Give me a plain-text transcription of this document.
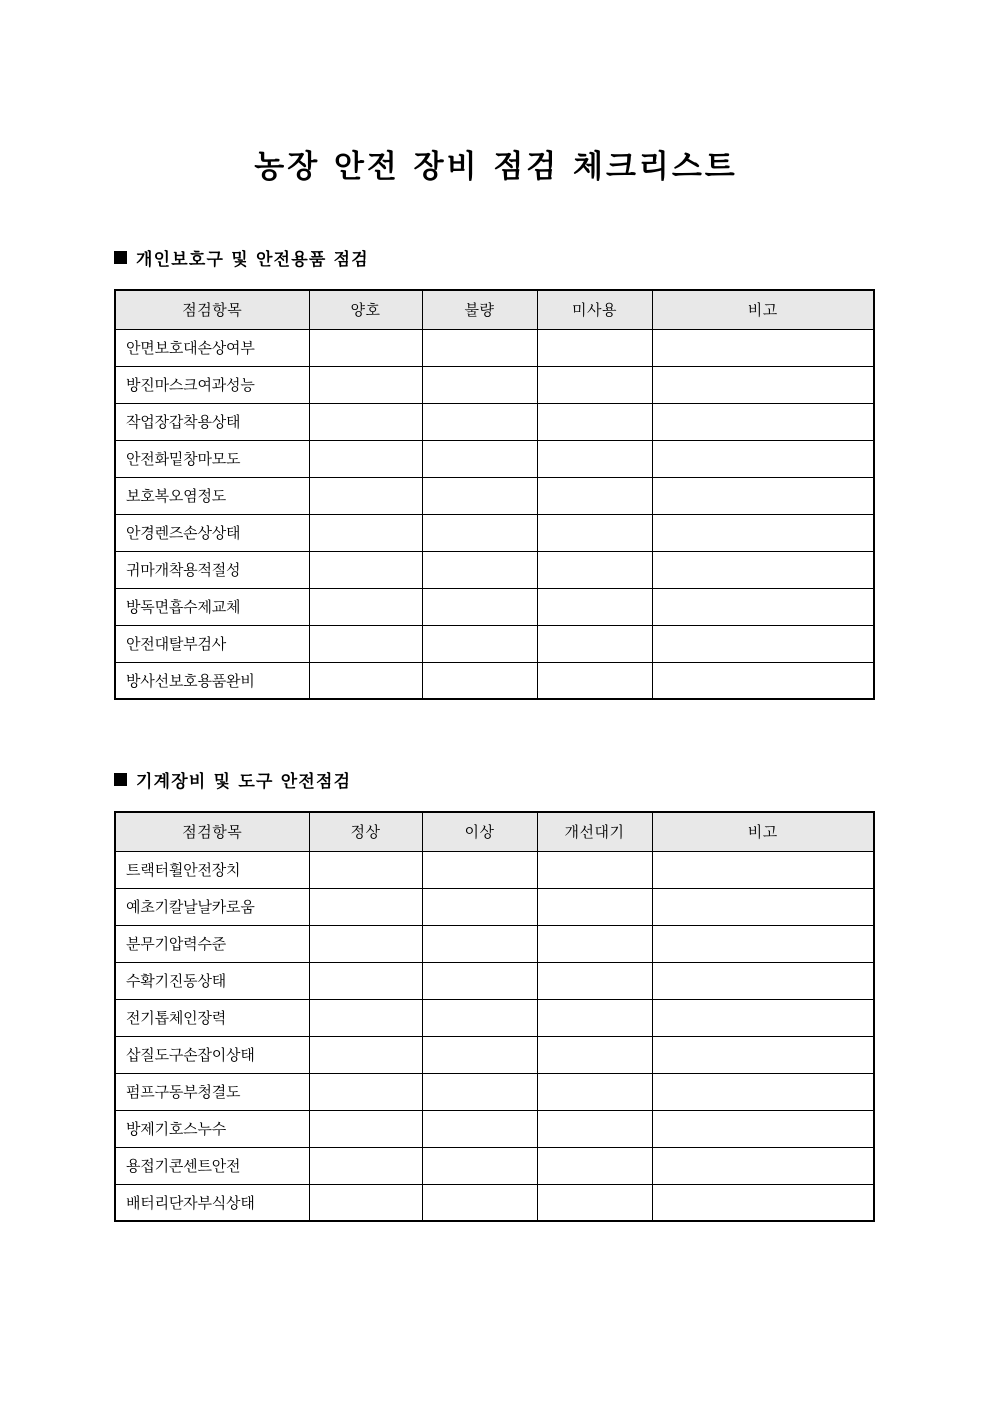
농장 안전 장비 점검 체크리스트
개인보호구 및 안전용품 점검
점검항목	양호	불량	미사용	비고
안면보호대손상여부				
방진마스크여과성능				
작업장갑착용상태				
안전화밑창마모도				
보호복오염정도				
안경렌즈손상상태				
귀마개착용적절성				
방독면흡수제교체				
안전대탈부검사				
방사선보호용품완비				
기계장비 및 도구 안전점검
점검항목	정상	이상	개선대기	비고
트랙터휠안전장치				
예초기칼날날카로움				
분무기압력수준				
수확기진동상태				
전기톱체인장력				
삽질도구손잡이상태				
펌프구동부청결도				
방제기호스누수				
용접기콘센트안전				
배터리단자부식상태				
